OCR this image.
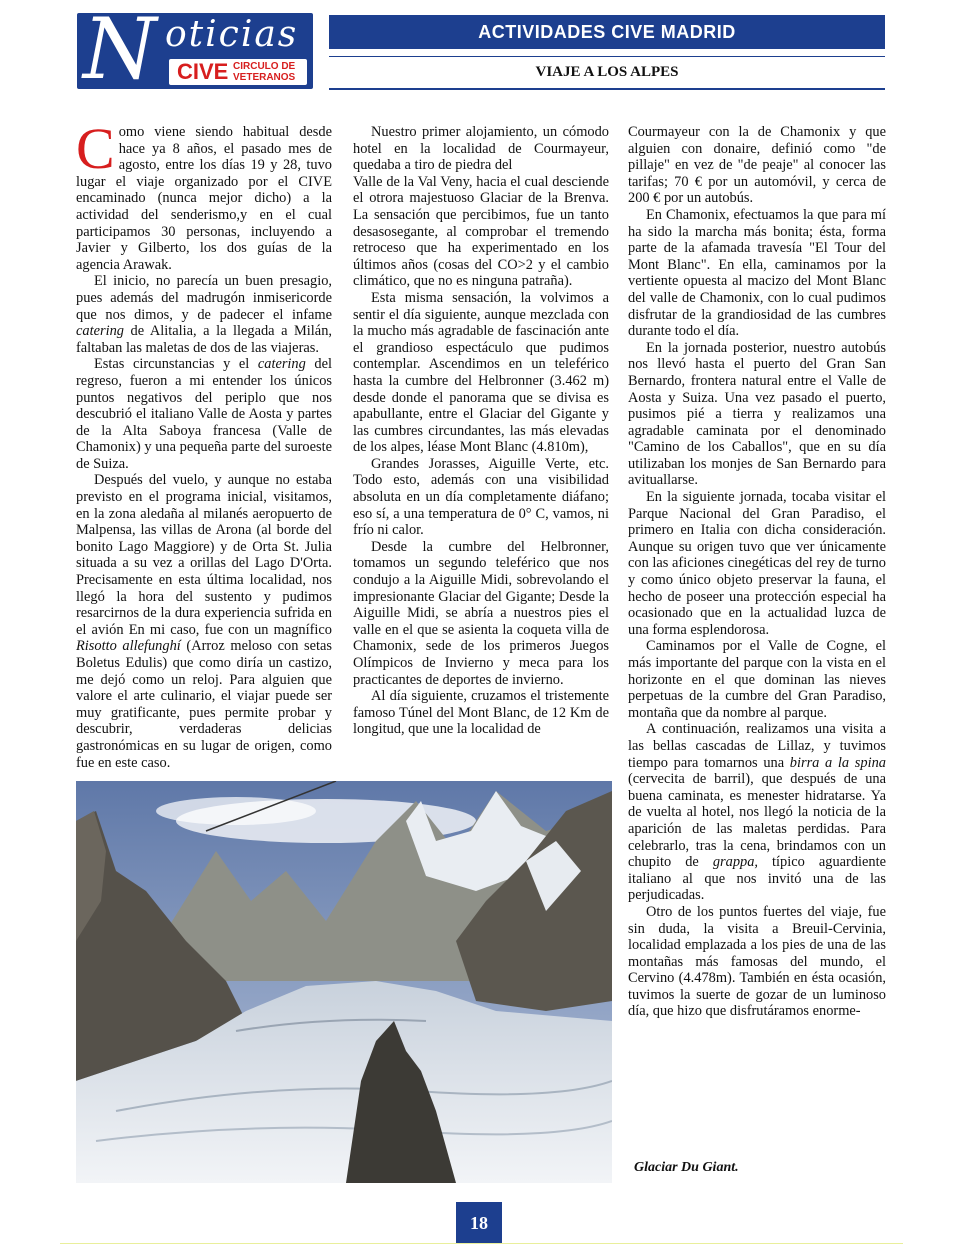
N oticias
CIVE CIRCULO DE
VETERANOS
ACTIVIDADES CIVE MADRID
VIAJE A LOS ALPES

Como viene siendo habitual desde hace ya 8 años, el pasado mes de agosto, entre los días 19 y 28, tuvo lugar el viaje organizado por el CIVE encaminado (nunca mejor dicho) a la actividad del senderismo,y en el cual participamos 30 personas, incluyendo a Javier y Gilberto, los dos guías de la agencia Arawak.

El inicio, no parecía un buen presagio, pues además del madrugón inmisericorde que nos dimos, y de padecer el infame catering de Alitalia, a la llegada a Milán, faltaban las maletas de dos de las viajeras.

Estas circunstancias y el catering del regreso, fueron a mi entender los únicos puntos negativos del periplo que nos descubrió el italiano Valle de Aosta y partes de la Alta Saboya francesa (Valle de Chamonix) y una pequeña parte del suroeste de Suiza.

Después del vuelo, y aunque no estaba previsto en el programa inicial, visitamos, en la zona aledaña al milanés aeropuerto de Malpensa, las villas de Arona (al borde del bonito Lago Maggiore) y de Orta St. Julia situada a su vez a orillas del Lago D'Orta. Precisamente en esta última localidad, nos llegó la hora del sustento y pudimos resarcirnos de la dura experiencia sufrida en el avión En mi caso, fue con un magnífico Risotto allefunghí (Arroz meloso con setas Boletus Edulis) que como diría un castizo, me dejó como un reloj. Para alguien que valore el arte culinario, el viajar puede ser muy gratificante, pues permite probar y descubrir, verdaderas delicias gastronómicas en su lugar de origen, como fue en este caso.

Nuestro primer alojamiento, un cómodo hotel en la localidad de Courmayeur, quedaba a tiro de piedra del

Valle de la Val Veny, hacia el cual desciende el otrora majestuoso Glaciar de la Brenva. La sensación que percibimos, fue un tanto desasosegante, al comprobar el tremendo retroceso que ha experimentado en los últimos años (cosas del CO>2 y el cambio climático, que no es ninguna patraña).

Esta misma sensación, la volvimos a sentir el día siguiente, aunque mezclada con la mucho más agradable de fascinación ante el grandioso espectáculo que pudimos contemplar. Ascendimos en un teleférico hasta la cumbre del Helbronner (3.462 m) desde donde el panorama que se divisa es apabullante, entre el Glaciar del Gigante y las cumbres circundantes, las más elevadas de los alpes, léase Mont Blanc (4.810m),

Grandes Jorasses, Aiguille Verte, etc. Todo esto, además con una visibilidad absoluta en un día completamente diáfano; eso sí, a una temperatura de 0° C, vamos, ni frío ni calor.

Desde la cumbre del Helbronner, tomamos un segundo teleférico que nos condujo a la Aiguille Midi, sobrevolando el impresionante Glaciar del Gigante; Desde la Aiguille Midi, se abría a nuestros pies el valle en el que se asienta la coqueta villa de Chamonix, sede de los primeros Juegos Olímpicos de Invierno y meca para los practicantes de deportes de invierno.

Al día siguiente, cruzamos el tristemente famoso Túnel del Mont Blanc, de 12 Km de longitud, que une la localidad de

Courmayeur con la de Chamonix y que alguien con donaire, definió como "de pillaje" en vez de "de peaje" al conocer las tarifas; 70 € por un automóvil, y cerca de 200 € por un autobús.

En Chamonix, efectuamos la que para mí ha sido la marcha más bonita; ésta, forma parte de la afamada travesía "El Tour del Mont Blanc". En ella, caminamos por la vertiente opuesta al macizo del Mont Blanc del valle de Chamonix, con lo cual pudimos disfrutar de la grandiosidad de las cumbres durante todo el día.

En la jornada posterior, nuestro autobús nos llevó hasta el puerto del Gran San Bernardo, frontera natural entre el Valle de Aosta y Suiza. Una vez pasado el puerto, pusimos pié a tierra y realizamos una agradable caminata por el denominado "Camino de los Caballos", que en su día utilizaban los monjes de San Bernardo para avituallarse.

En la siguiente jornada, tocaba visitar el Parque Nacional del Gran Paradiso, el primero en Italia con dicha consideración. Aunque su origen tuvo que ver únicamente con las aficiones cinegéticas del rey de turno y como único objeto preservar la fauna, el hecho de poseer una protección especial ha ocasionado que en la actualidad luzca de una forma esplendorosa.

Caminamos por el Valle de Cogne, el más importante del parque con la vista en el horizonte en el que dominan las nieves perpetuas de la cumbre del Gran Paradiso, montaña que da nombre al parque.

A continuación, realizamos una visita a las bellas cascadas de Lillaz, y tuvimos tiempo para tomarnos una birra a la spina (cervecita de barril), que después de una buena caminata, es menester hidratarse. Ya de vuelta al hotel, nos llegó la noticia de la aparición de las maletas perdidas. Para celebrarlo, tras la cena, brindamos con un chupito de grappa, típico aguardiente italiano al que nos invitó una de las perjudicadas.

Otro de los puntos fuertes del viaje, fue sin duda, la visita a Breuil-Cervinia, localidad emplazada a los pies de una de las montañas más famosas del mundo, el Cervino (4.478m). También en ésta ocasión, tuvimos la suerte de gozar de un luminoso día, que hizo que disfrutáramos enorme-

Glaciar Du Giant.
18
